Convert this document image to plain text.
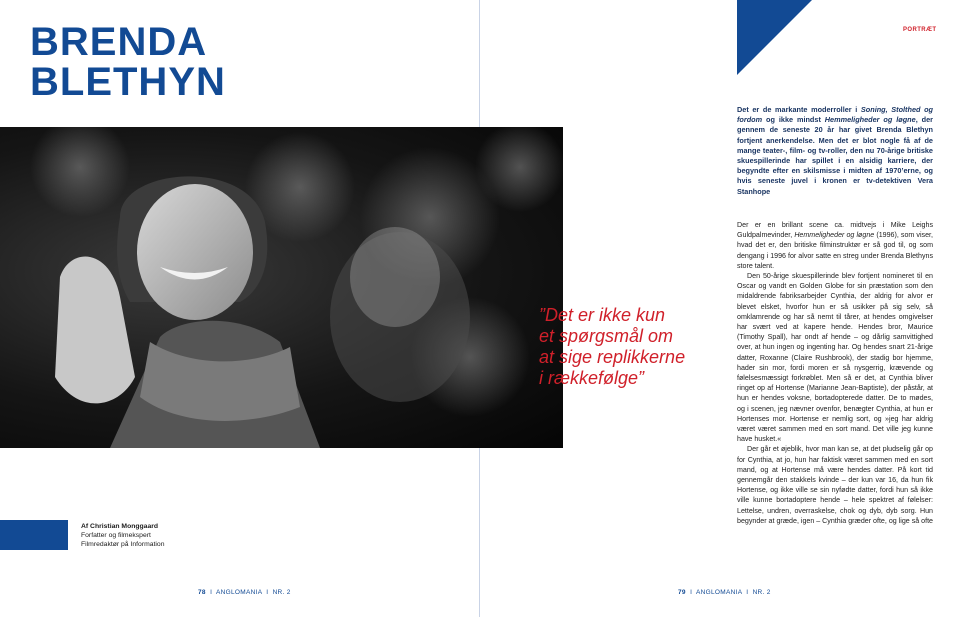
BRENDA
BLETHYN
Af Christian Monggaard
Forfatter og filmekspert
Filmredaktør på Information
78 I ANGLOMANIA I NR. 2
PORTRÆT

”Det er ikke kun
et spørgsmål om
at sige replikkerne
i rækkefølge”

Det er de markante moderroller i Soning, Stolthed og fordom og ikke mindst Hemmeligheder og løgne, der gennem de seneste 20 år har givet Brenda Blethyn fortjent anerkendelse. Men det er blot nogle få af de mange teater-, film- og tv-roller, den nu 70-årige britiske skuespillerinde har spillet i en alsidig karriere, der begyndte efter en skilsmisse i midten af 1970’erne, og hvis seneste juvel i kronen er tv-detektiven Vera Stanhope

Der er en brillant scene ca. midtvejs i Mike Leighs Guldpalmevinder, Hemmeligheder og løgne (1996), som viser, hvad det er, den britiske filminstruktør er så god til, og som dengang i 1996 for alvor satte en streg under Brenda Blethyns store talent.

Den 50-årige skuespillerinde blev fortjent nomineret til en Oscar og vandt en Golden Globe for sin præstation som den midaldrende fabriksarbejder Cynthia, der aldrig for alvor er blevet elsket, hvorfor hun er så usikker på sig selv, så omklamrende og har så nemt til tårer, at hendes omgivelser har svært ved at kapere hende. Hendes bror, Maurice (Timothy Spall), har ondt af hende – og dårlig samvittighed over, at hun ingen og ingenting har. Og hendes snart 21-årige datter, Roxanne (Claire Rushbrook), der stadig bor hjemme, hader sin mor, fordi moren er så nysgerrig, krævende og følelsesmæssigt forkrøblet. Men så er det, at Cynthia bliver ringet op af Hortense (Marianne Jean-Baptiste), der påstår, at hun er hendes voksne, bortadopterede datter. De to mødes, og i scenen, jeg nævner ovenfor, benægter Cynthia, at hun er Hortenses mor. Hortense er nemlig sort, og »jeg har aldrig været været sammen med en sort mand. Det ville jeg kunne have husket.«

Der går et øjeblik, hvor man kan se, at det pludselig går op for Cynthia, at jo, hun har faktisk været sammen med en sort mand, og at Hortense må være hendes datter. På kort tid gennemgår den stakkels kvinde – der kun var 16, da hun fik Hortense, og ikke ville se sin nyfødte datter, fordi hun så ikke ville kunne bortadoptere hende – hele spektret af følelser: Lettelse, undren, overraskelse, chok og dyb, dyb sorg. Hun begynder at græde, igen – Cynthia græder ofte, og lige så ofte

79 I ANGLOMANIA I NR. 2
